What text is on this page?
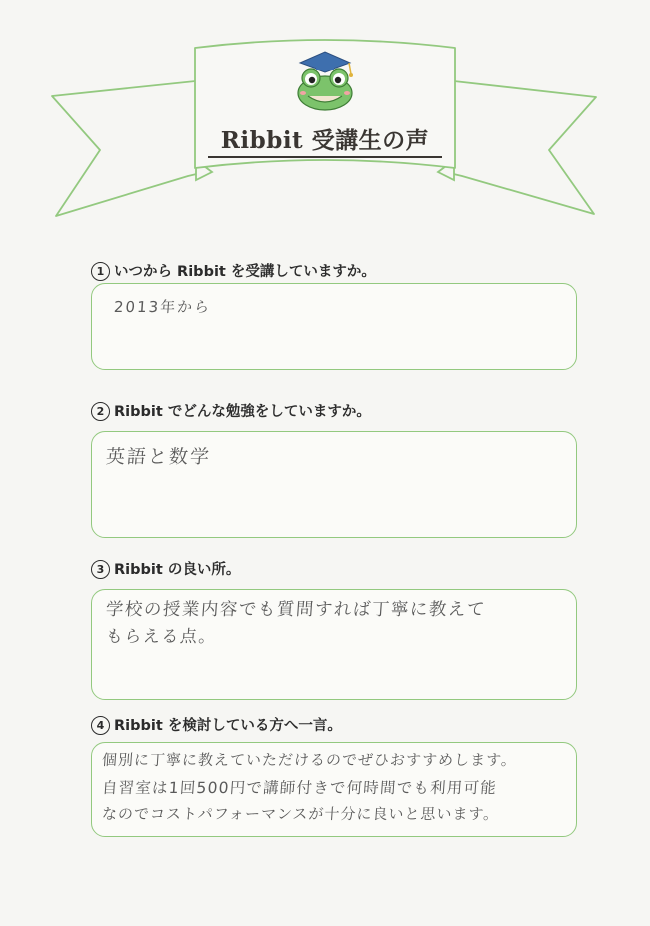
Ribbit 受講生の声
1 いつから Ribbit を受講していますか。
2013年から
2 Ribbit でどんな勉強をしていますか。
英語と数学
3 Ribbit の良い所。
学校の授業内容でも質問すれば丁寧に教えて
もらえる点。
4 Ribbit を検討している方へ一言。
個別に丁寧に教えていただけるのでぜひおすすめします。
自習室は1回500円で講師付きで何時間でも利用可能
なのでコストパフォーマンスが十分に良いと思います。
